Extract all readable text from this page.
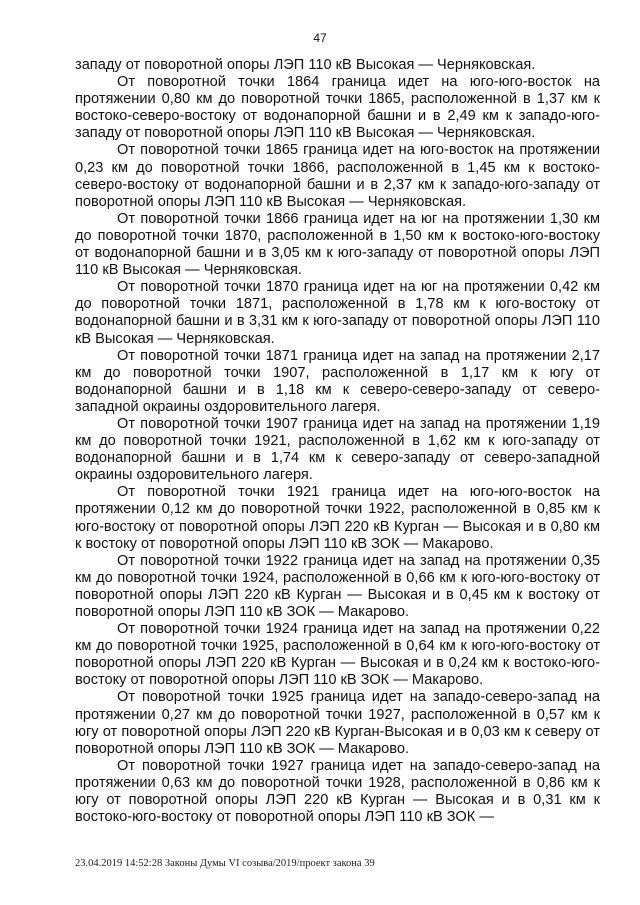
47

западу от поворотной опоры ЛЭП 110 кВ Высокая — Черняковская.

От поворотной точки 1864 граница идет на юго-юго-восток на протяжении 0,80 км до поворотной точки 1865, расположенной в 1,37 км к востоко-северо-востоку от водонапорной башни и в 2,49 км к западо-юго-западу от поворотной опоры ЛЭП 110 кВ Высокая — Черняковская.

От поворотной точки 1865 граница идет на юго-восток на протяжении 0,23 км до поворотной точки 1866, расположенной в 1,45 км к востоко-северо-востоку от водонапорной башни и в 2,37 км к западо-юго-западу от поворотной опоры ЛЭП 110 кВ Высокая — Черняковская.

От поворотной точки 1866 граница идет на юг на протяжении 1,30 км до поворотной точки 1870, расположенной в 1,50 км к востоко-юго-востоку от водонапорной башни и в 3,05 км к юго-западу от поворотной опоры ЛЭП 110 кВ Высокая — Черняковская.

От поворотной точки 1870 граница идет на юг на протяжении 0,42 км до поворотной точки 1871, расположенной в 1,78 км к юго-востоку от водонапорной башни и в 3,31 км к юго-западу от поворотной опоры ЛЭП 110 кВ Высокая — Черняковская.

От поворотной точки 1871 граница идет на запад на протяжении 2,17 км до поворотной точки 1907, расположенной в 1,17 км к югу от водонапорной башни и в 1,18 км к северо-северо-западу от северо-западной окраины оздоровительного лагеря.

От поворотной точки 1907 граница идет на запад на протяжении 1,19 км до поворотной точки 1921, расположенной в 1,62 км к юго-западу от водонапорной башни и в 1,74 км к северо-западу от северо-западной окраины оздоровительного лагеря.

От поворотной точки 1921 граница идет на юго-юго-восток на протяжении 0,12 км до поворотной точки 1922, расположенной в 0,85 км к юго-востоку от поворотной опоры ЛЭП 220 кВ Курган — Высокая и в 0,80 км к востоку от поворотной опоры ЛЭП 110 кВ ЗОК — Макарово.

От поворотной точки 1922 граница идет на запад на протяжении 0,35 км до поворотной точки 1924, расположенной в 0,66 км к юго-юго-востоку от поворотной опоры ЛЭП 220 кВ Курган — Высокая и в 0,45 км к востоку от поворотной опоры ЛЭП 110 кВ ЗОК — Макарово.

От поворотной точки 1924 граница идет на запад на протяжении 0,22 км до поворотной точки 1925, расположенной в 0,64 км к юго-юго-востоку от поворотной опоры ЛЭП 220 кВ Курган — Высокая и в 0,24 км к востоко-юго-востоку от поворотной опоры ЛЭП 110 кВ ЗОК — Макарово.

От поворотной точки 1925 граница идет на западо-северо-запад на протяжении 0,27 км до поворотной точки 1927, расположенной в 0,57 км к югу от поворотной опоры ЛЭП 220 кВ Курган-Высокая и в 0,03 км к северу от поворотной опоры ЛЭП 110 кВ ЗОК — Макарово.

От поворотной точки 1927 граница идет на западо-северо-запад на протяжении 0,63 км до поворотной точки 1928, расположенной в 0,86 км к югу от поворотной опоры ЛЭП 220 кВ Курган — Высокая и в 0,31 км к востоко-юго-востоку от поворотной опоры ЛЭП 110 кВ ЗОК —

23.04.2019 14:52:28 Законы Думы VI созыва/2019/проект закона 39
